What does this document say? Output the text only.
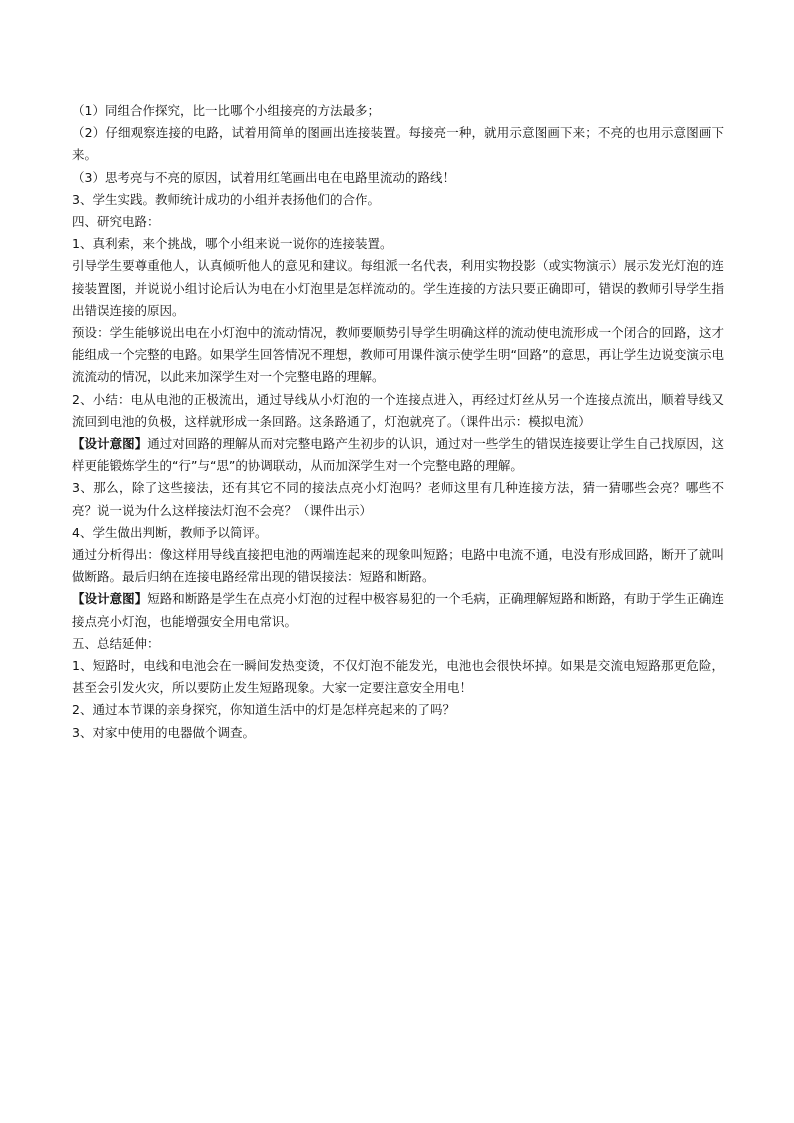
（1）同组合作探究，比一比哪个小组接亮的方法最多；

（2）仔细观察连接的电路，试着用简单的图画出连接装置。每接亮一种，就用示意图画下来；不亮的也用示意图画下来。

（3）思考亮与不亮的原因，试着用红笔画出电在电路里流动的路线！

3、学生实践。教师统计成功的小组并表扬他们的合作。

四、研究电路：

1、真利索，来个挑战，哪个小组来说一说你的连接装置。

引导学生要尊重他人，认真倾听他人的意见和建议。每组派一名代表，利用实物投影（或实物演示）展示发光灯泡的连接装置图，并说说小组讨论后认为电在小灯泡里是怎样流动的。学生连接的方法只要正确即可，错误的教师引导学生指出错误连接的原因。

预设：学生能够说出电在小灯泡中的流动情况，教师要顺势引导学生明确这样的流动使电流形成一个闭合的回路，这才能组成一个完整的电路。如果学生回答情况不理想，教师可用课件演示使学生明“回路”的意思，再让学生边说变演示电流流动的情况，以此来加深学生对一个完整电路的理解。

2、小结：电从电池的正极流出，通过导线从小灯泡的一个连接点进入，再经过灯丝从另一个连接点流出，顺着导线又流回到电池的负极，这样就形成一条回路。这条路通了，灯泡就亮了。（课件出示：模拟电流）

【设计意图】通过对回路的理解从而对完整电路产生初步的认识，通过对一些学生的错误连接要让学生自己找原因，这样更能锻炼学生的“行”与“思”的协调联动，从而加深学生对一个完整电路的理解。

3、那么，除了这些接法，还有其它不同的接法点亮小灯泡吗？老师这里有几种连接方法，猜一猜哪些会亮？哪些不亮？说一说为什么这样接法灯泡不会亮？（课件出示）

4、学生做出判断，教师予以简评。

通过分析得出：像这样用导线直接把电池的两端连起来的现象叫短路；电路中电流不通，电没有形成回路，断开了就叫做断路。最后归纳在连接电路经常出现的错误接法：短路和断路。

【设计意图】短路和断路是学生在点亮小灯泡的过程中极容易犯的一个毛病，正确理解短路和断路，有助于学生正确连接点亮小灯泡，也能增强安全用电常识。

五、总结延伸：

1、短路时，电线和电池会在一瞬间发热变烫，不仅灯泡不能发光，电池也会很快坏掉。如果是交流电短路那更危险，甚至会引发火灾，所以要防止发生短路现象。大家一定要注意安全用电！

2、通过本节课的亲身探究，你知道生活中的灯是怎样亮起来的了吗？

3、对家中使用的电器做个调查。
